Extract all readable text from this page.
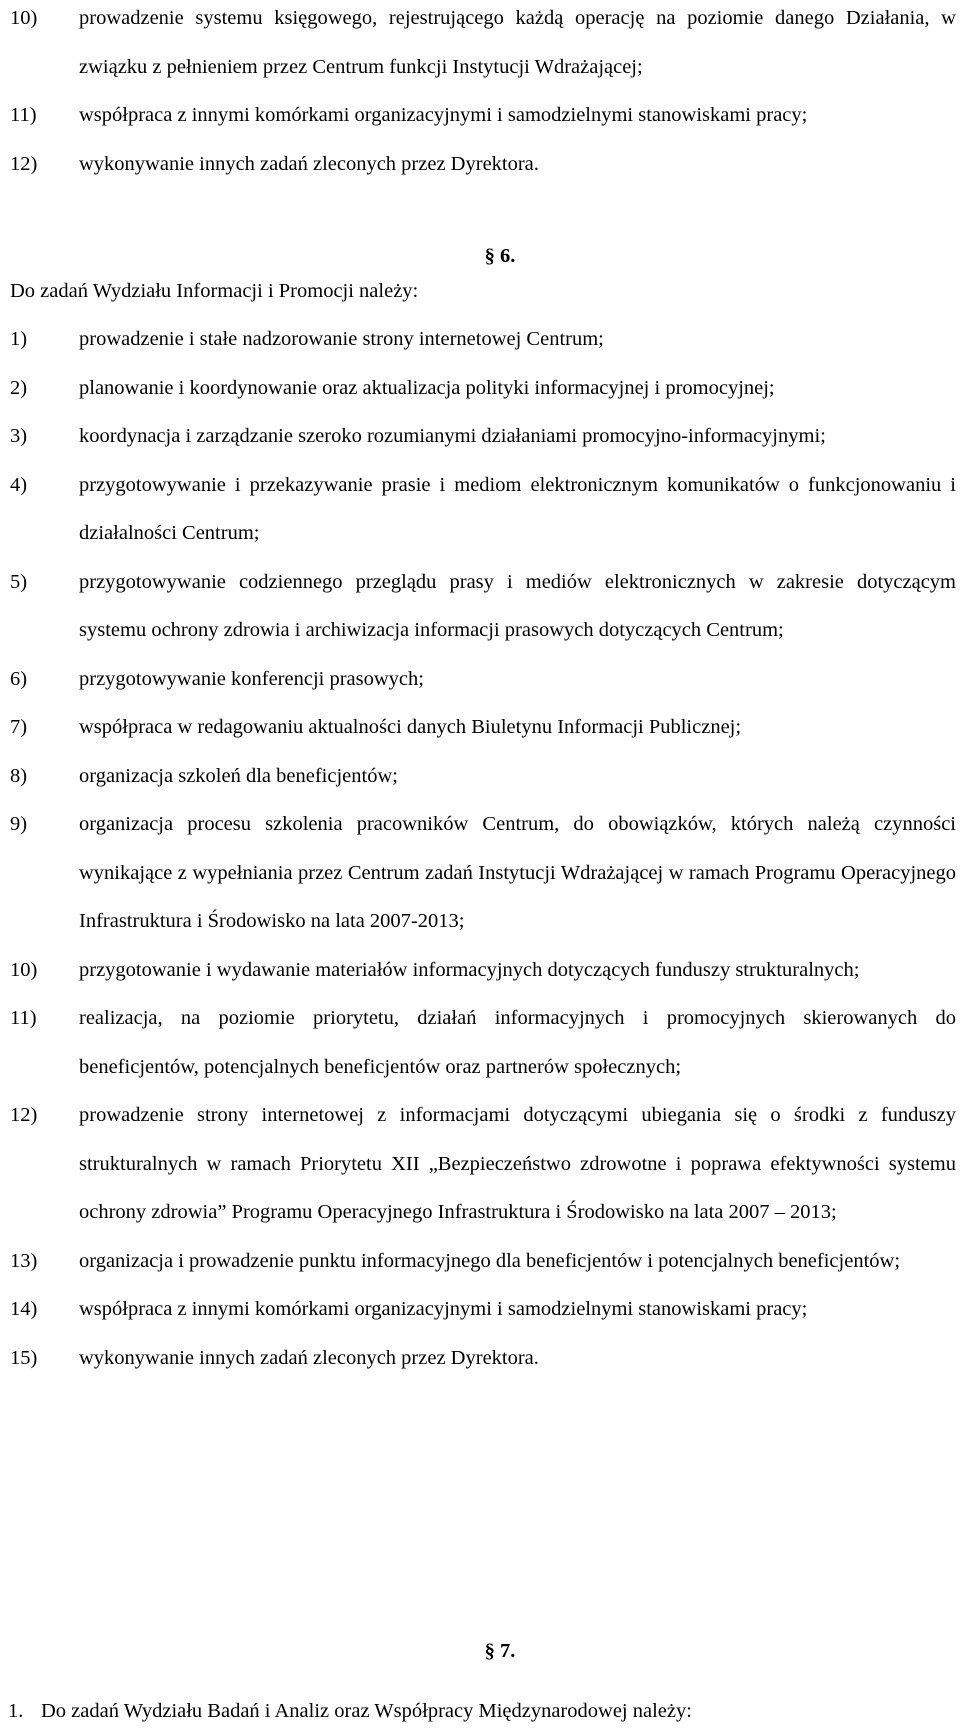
10) prowadzenie systemu księgowego, rejestrującego każdą operację na poziomie danego Działania, w związku z pełnieniem przez Centrum funkcji Instytucji Wdrażającej;
11) współpraca z innymi komórkami organizacyjnymi i samodzielnymi stanowiskami pracy;
12) wykonywanie innych zadań zleconych przez Dyrektora.
§ 6.
Do zadań Wydziału Informacji i Promocji należy:
1)	prowadzenie i stałe nadzorowanie strony internetowej Centrum;
2)	planowanie i koordynowanie oraz aktualizacja polityki informacyjnej i promocyjnej;
3)	koordynacja i zarządzanie szeroko rozumianymi działaniami promocyjno-informacyjnymi;
4)	przygotowywanie i przekazywanie prasie i mediom elektronicznym komunikatów o funkcjonowaniu i działalności Centrum;
5)	przygotowywanie codziennego przeglądu prasy i mediów elektronicznych w zakresie dotyczącym systemu ochrony zdrowia i archiwizacja informacji prasowych dotyczących Centrum;
6)	przygotowywanie konferencji prasowych;
7)	współpraca w redagowaniu aktualności danych Biuletynu Informacji Publicznej;
8)	organizacja szkoleń dla beneficjentów;
9)	organizacja procesu szkolenia pracowników Centrum, do obowiązków, których należą czynności wynikające z wypełniania przez Centrum zadań Instytucji Wdrażającej w ramach Programu Operacyjnego Infrastruktura i Środowisko na lata 2007-2013;
10) przygotowanie i wydawanie materiałów informacyjnych dotyczących funduszy strukturalnych;
11) realizacja, na poziomie priorytetu, działań informacyjnych i promocyjnych skierowanych do beneficjentów, potencjalnych beneficjentów oraz partnerów społecznych;
12) prowadzenie strony internetowej z informacjami dotyczącymi ubiegania się o środki z funduszy strukturalnych w ramach Priorytetu XII „Bezpieczeństwo zdrowotne i poprawa efektywności systemu ochrony zdrowia” Programu Operacyjnego Infrastruktura i Środowisko na lata 2007 – 2013;
13) organizacja i prowadzenie punktu informacyjnego dla beneficjentów i potencjalnych beneficjentów;
14) współpraca z innymi komórkami organizacyjnymi i samodzielnymi stanowiskami pracy;
15) wykonywanie innych zadań zleconych przez Dyrektora.
§ 7.
1. Do zadań Wydziału Badań i Analiz oraz Współpracy Międzynarodowej należy:
